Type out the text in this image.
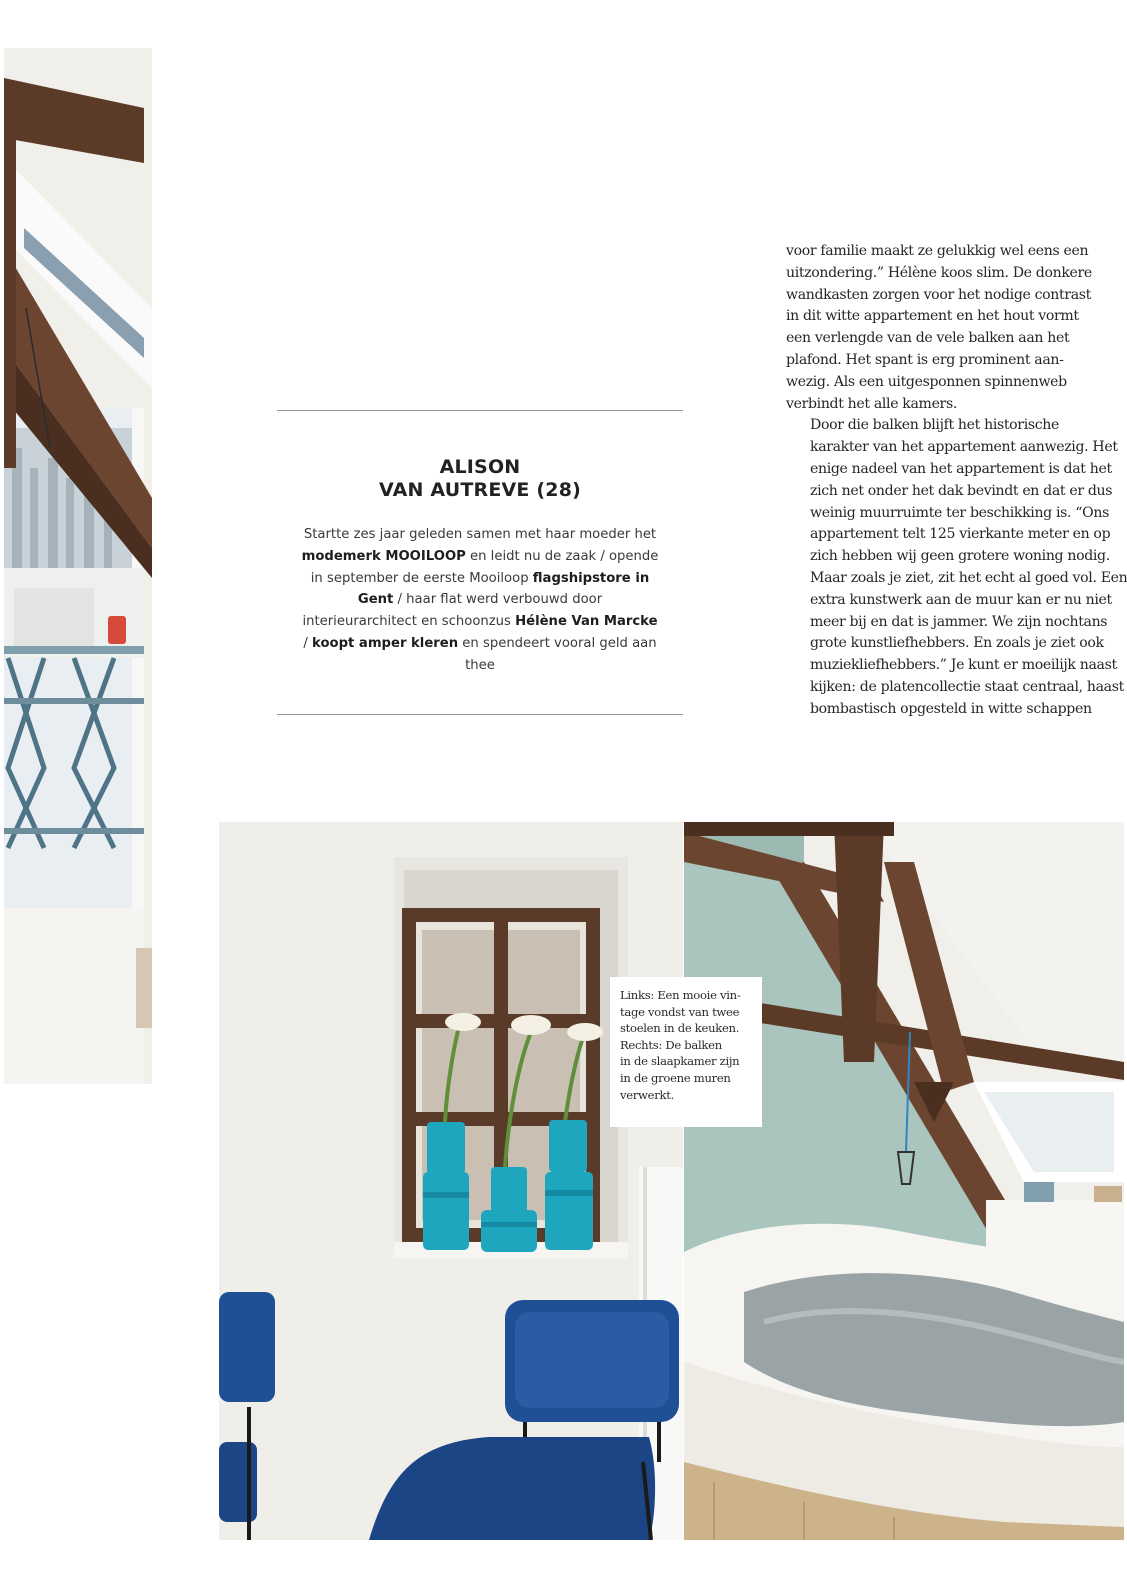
ALISON
VAN AUTREVE (28)
Startte zes jaar geleden samen met haar moeder het modemerk MOOILOOP en leidt nu de zaak / opende in september de eerste Mooiloop flagshipstore in Gent / haar flat werd verbouwd door interieurarchitect en schoonzus Hélène Van Marcke / koopt amper kleren en spendeert vooral geld aan thee

voor familie maakt ze gelukkig wel eens een
uitzondering.” Hélène koos slim. De donkere
wandkasten zorgen voor het nodige contrast
in dit witte appartement en het hout vormt
een verlengde van de vele balken aan het
plafond. Het spant is erg prominent aan-
wezig. Als een uitgesponnen spinnenweb
verbindt het alle kamers.

Door die balken blijft het historische
karakter van het appartement aanwezig. Het
enige nadeel van het appartement is dat het
zich net onder het dak bevindt en dat er dus
weinig muurruimte ter beschikking is. “Ons
appartement telt 125 vierkante meter en op
zich hebben wij geen grotere woning nodig.
Maar zoals je ziet, zit het echt al goed vol. Een
extra kunstwerk aan de muur kan er nu niet
meer bij en dat is jammer. We zijn nochtans
grote kunstliefhebbers. En zoals je ziet ook
muziekliefhebbers.” Je kunt er moeilijk naast
kijken: de platencollectie staat centraal, haast
bombastisch opgesteld in witte schappen

Links: Een mooie vin-
tage vondst van twee
stoelen in de keuken.
Rechts: De balken
in de slaapkamer zijn
in de groene muren
verwerkt.
